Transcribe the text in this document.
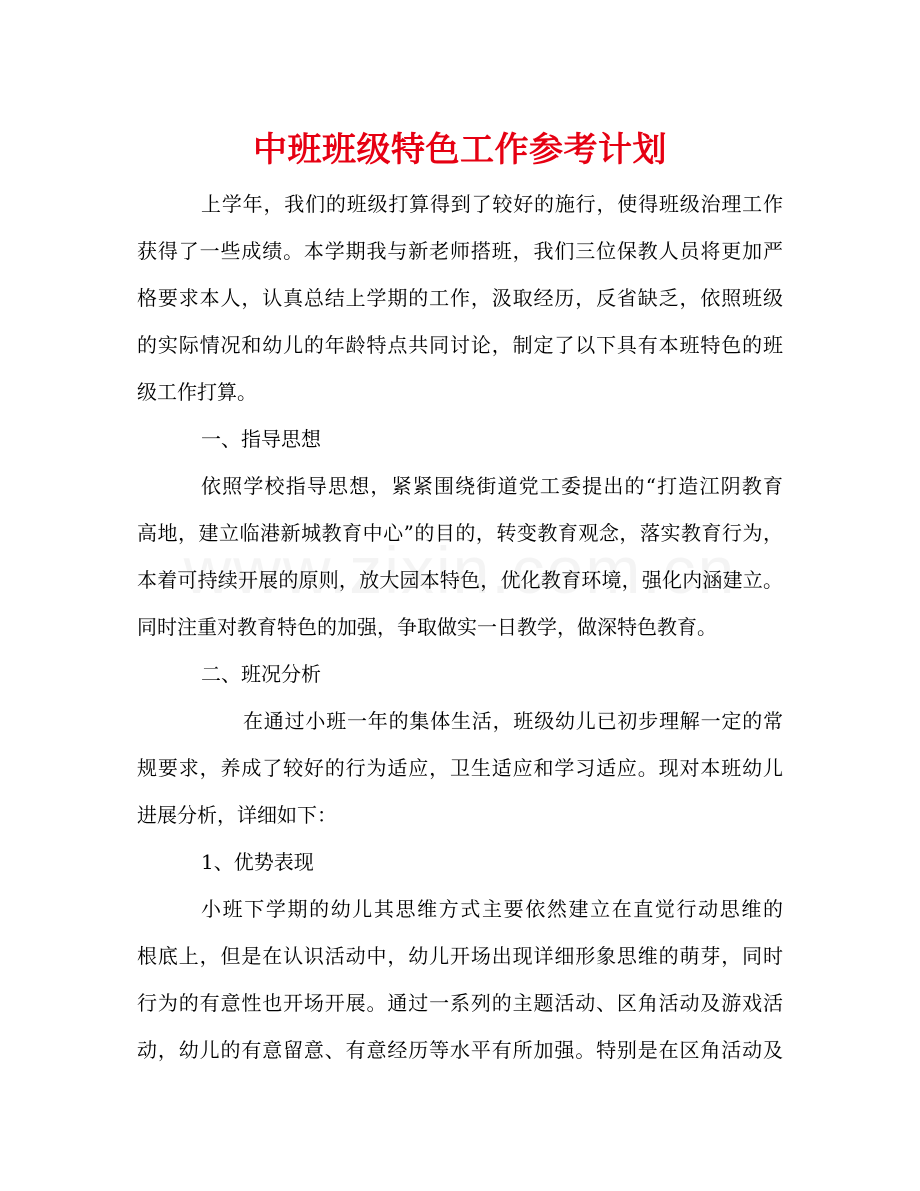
中班班级特色工作参考计划
上学年，我们的班级打算得到了较好的施行，使得班级治理工作
获得了一些成绩。本学期我与新老师搭班，我们三位保教人员将更加严
格要求本人，认真总结上学期的工作，汲取经历，反省缺乏，依照班级
的实际情况和幼儿的年龄特点共同讨论，制定了以下具有本班特色的班
级工作打算。
一、指导思想
依照学校指导思想，紧紧围绕街道党工委提出的“打造江阴教育
高地，建立临港新城教育中心”的目的，转变教育观念，落实教育行为，
本着可持续开展的原则，放大园本特色，优化教育环境，强化内涵建立。
同时注重对教育特色的加强，争取做实一日教学，做深特色教育。
二、班况分析
在通过小班一年的集体生活，班级幼儿已初步理解一定的常
规要求，养成了较好的行为适应，卫生适应和学习适应。现对本班幼儿
进展分析，详细如下：
1、优势表现
小班下学期的幼儿其思维方式主要依然建立在直觉行动思维的
根底上，但是在认识活动中，幼儿开场出现详细形象思维的萌芽，同时
行为的有意性也开场开展。通过一系列的主题活动、区角活动及游戏活
动，幼儿的有意留意、有意经历等水平有所加强。特别是在区角活动及
